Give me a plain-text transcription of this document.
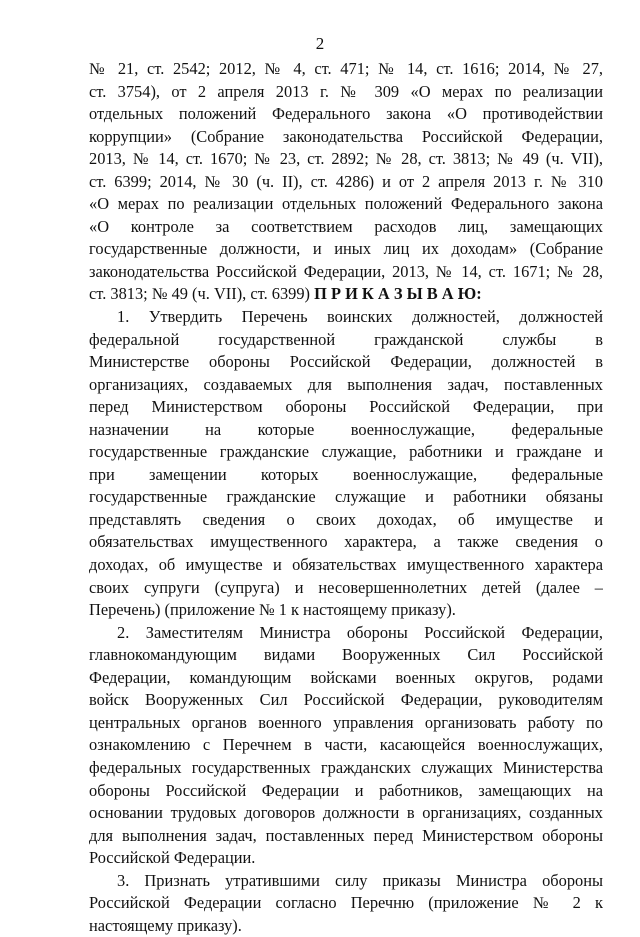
2
№ 21, ст. 2542; 2012, № 4, ст. 471; № 14, ст. 1616; 2014, № 27,
ст. 3754), от 2 апреля 2013 г. № 309 «О мерах по реализации
отдельных положений Федерального закона «О противодействии
коррупции» (Собрание законодательства Российской Федерации,
2013, № 14, ст. 1670; № 23, ст. 2892; № 28, ст. 3813; № 49 (ч. VII),
ст. 6399; 2014, № 30 (ч. II), ст. 4286) и от 2 апреля 2013 г. № 310
«О мерах по реализации отдельных положений Федерального закона
«О контроле за соответствием расходов лиц, замещающих
государственные должности, и иных лиц их доходам» (Собрание
законодательства Российской Федерации, 2013, № 14, ст. 1671; № 28,
ст. 3813; № 49 (ч. VII), ст. 6399) П Р И К А З Ы В А Ю:
1. Утвердить Перечень воинских должностей, должностей
федеральной государственной гражданской службы в
Министерстве обороны Российской Федерации, должностей в
организациях, создаваемых для выполнения задач, поставленных
перед Министерством обороны Российской Федерации, при
назначении на которые военнослужащие, федеральные
государственные гражданские служащие, работники и граждане и
при замещении которых военнослужащие, федеральные
государственные гражданские служащие и работники обязаны
представлять сведения о своих доходах, об имуществе и
обязательствах имущественного характера, а также сведения о
доходах, об имуществе и обязательствах имущественного характера
своих супруги (супруга) и несовершеннолетних детей (далее –
Перечень) (приложение № 1 к настоящему приказу).
2. Заместителям Министра обороны Российской Федерации,
главнокомандующим видами Вооруженных Сил Российской
Федерации, командующим войсками военных округов, родами
войск Вооруженных Сил Российской Федерации, руководителям
центральных органов военного управления организовать работу по
ознакомлению с Перечнем в части, касающейся военнослужащих,
федеральных государственных гражданских служащих Министерства
обороны Российской Федерации и работников, замещающих на
основании трудовых договоров должности в организациях, созданных
для выполнения задач, поставленных перед Министерством обороны
Российской Федерации.
3. Признать утратившими силу приказы Министра обороны
Российской Федерации согласно Перечню (приложение № 2 к
настоящему приказу).
